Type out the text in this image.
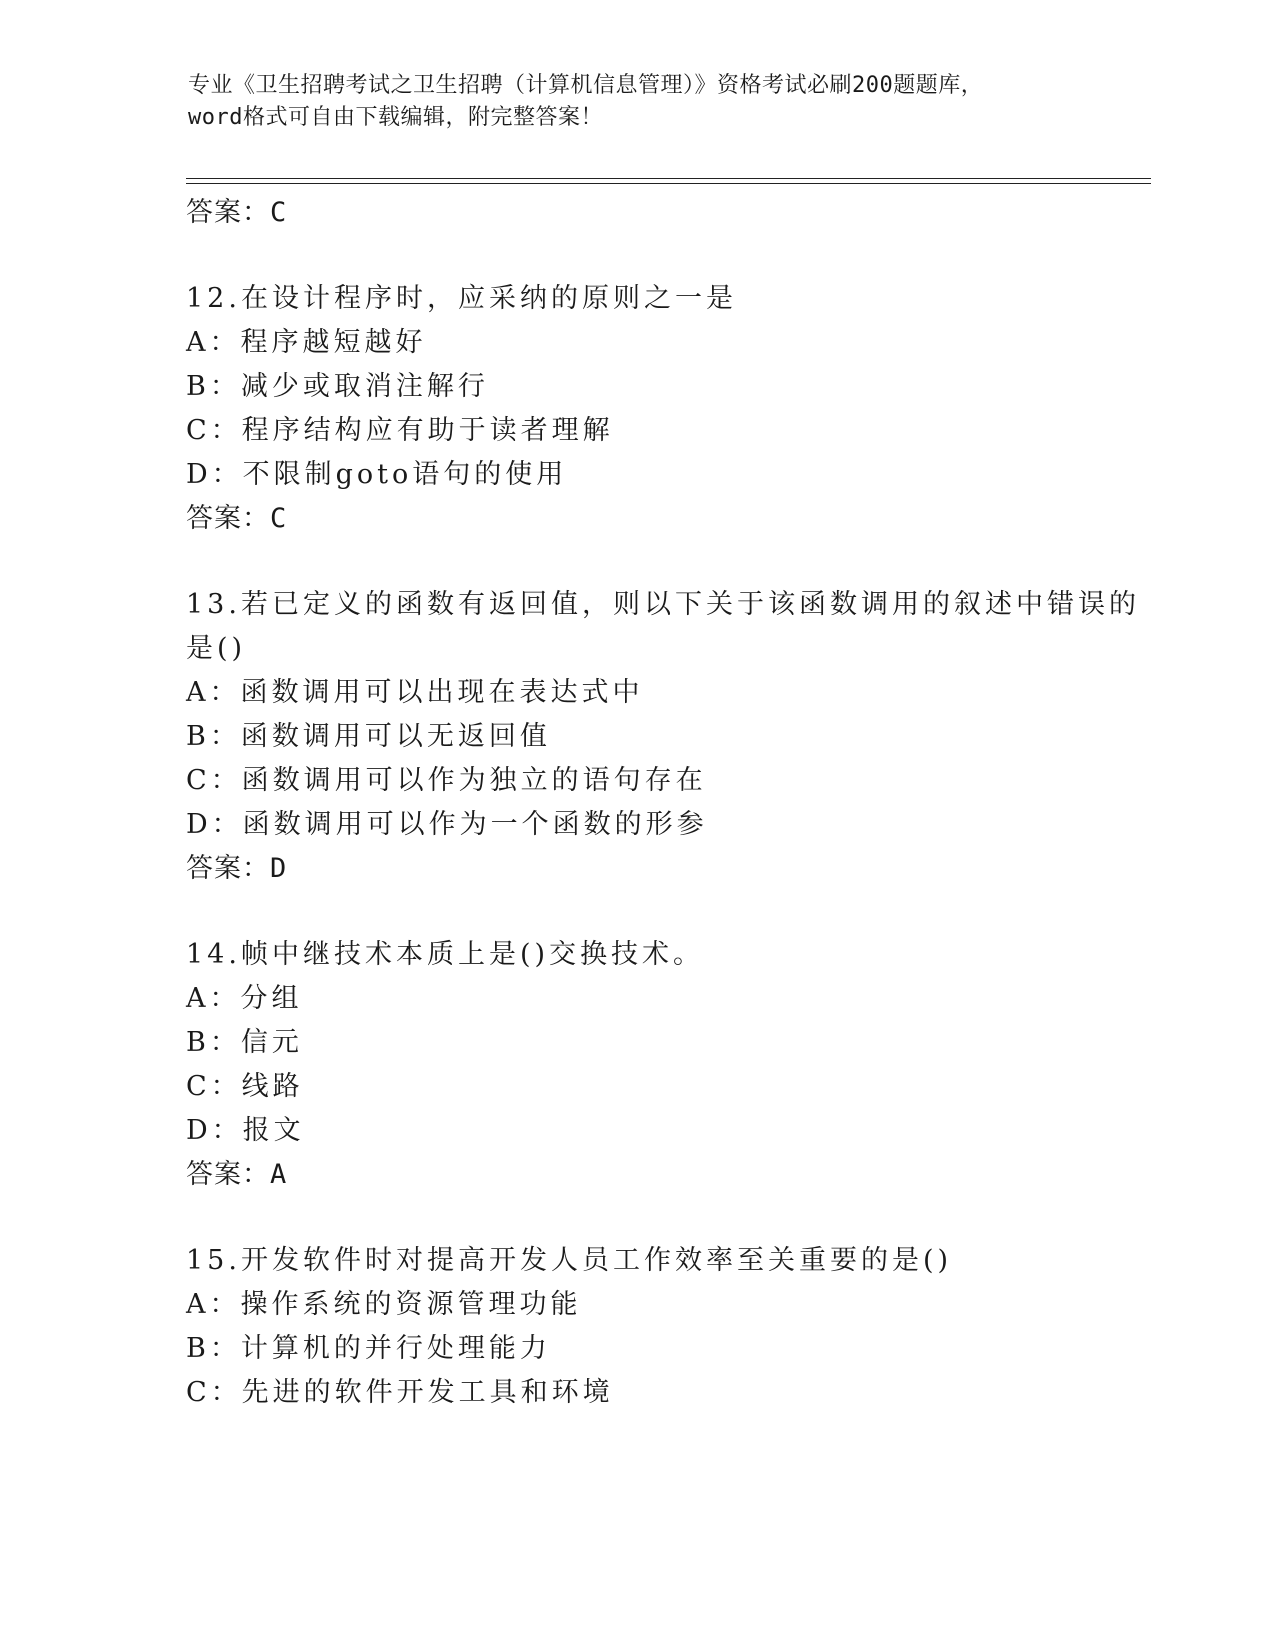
专业《卫生招聘考试之卫生招聘（计算机信息管理）》资格考试必刷200题题库，
word格式可自由下载编辑，附完整答案！
答案：C
12.在设计程序时，应采纳的原则之一是
A：程序越短越好
B：减少或取消注解行
C：程序结构应有助于读者理解
D：不限制goto语句的使用
答案：C
13.若已定义的函数有返回值，则以下关于该函数调用的叙述中错误的
是()
A：函数调用可以出现在表达式中
B：函数调用可以无返回值
C：函数调用可以作为独立的语句存在
D：函数调用可以作为一个函数的形参
答案：D
14.帧中继技术本质上是()交换技术。
A：分组
B：信元
C：线路
D：报文
答案：A
15.开发软件时对提高开发人员工作效率至关重要的是()
A：操作系统的资源管理功能
B：计算机的并行处理能力
C：先进的软件开发工具和环境
